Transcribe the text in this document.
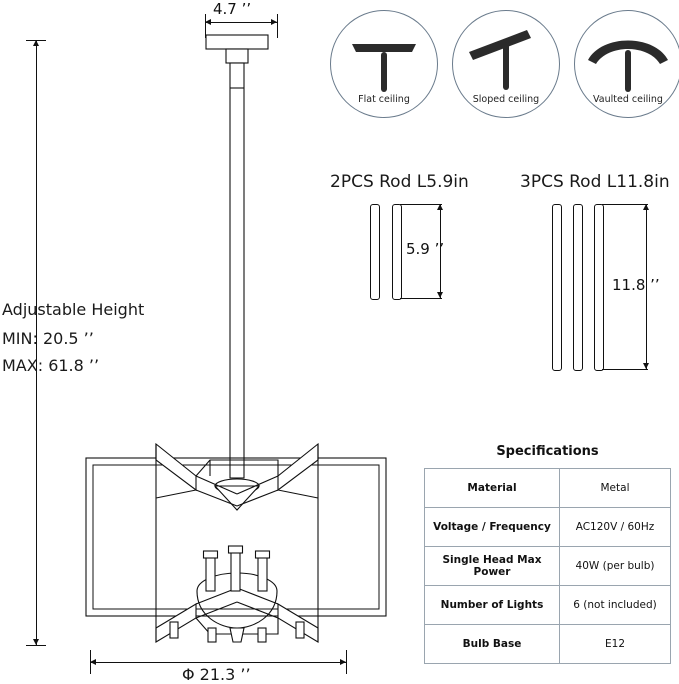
4.7 ’’
Adjustable Height
MIN: 20.5 ’’
MAX: 61.8 ’’
Φ 21.3 ’’
Flat ceiling	Sloped ceiling	Vaulted ceiling
2PCS Rod L5.9in
5.9 ’’
3PCS Rod L11.8in
11.8 ’’
Specifications	
Material	Metal
Voltage / Frequency	AC120V / 60Hz
Single Head Max Power	40W (per bulb)
Number of Lights	6 (not included)
Bulb Base	E12
